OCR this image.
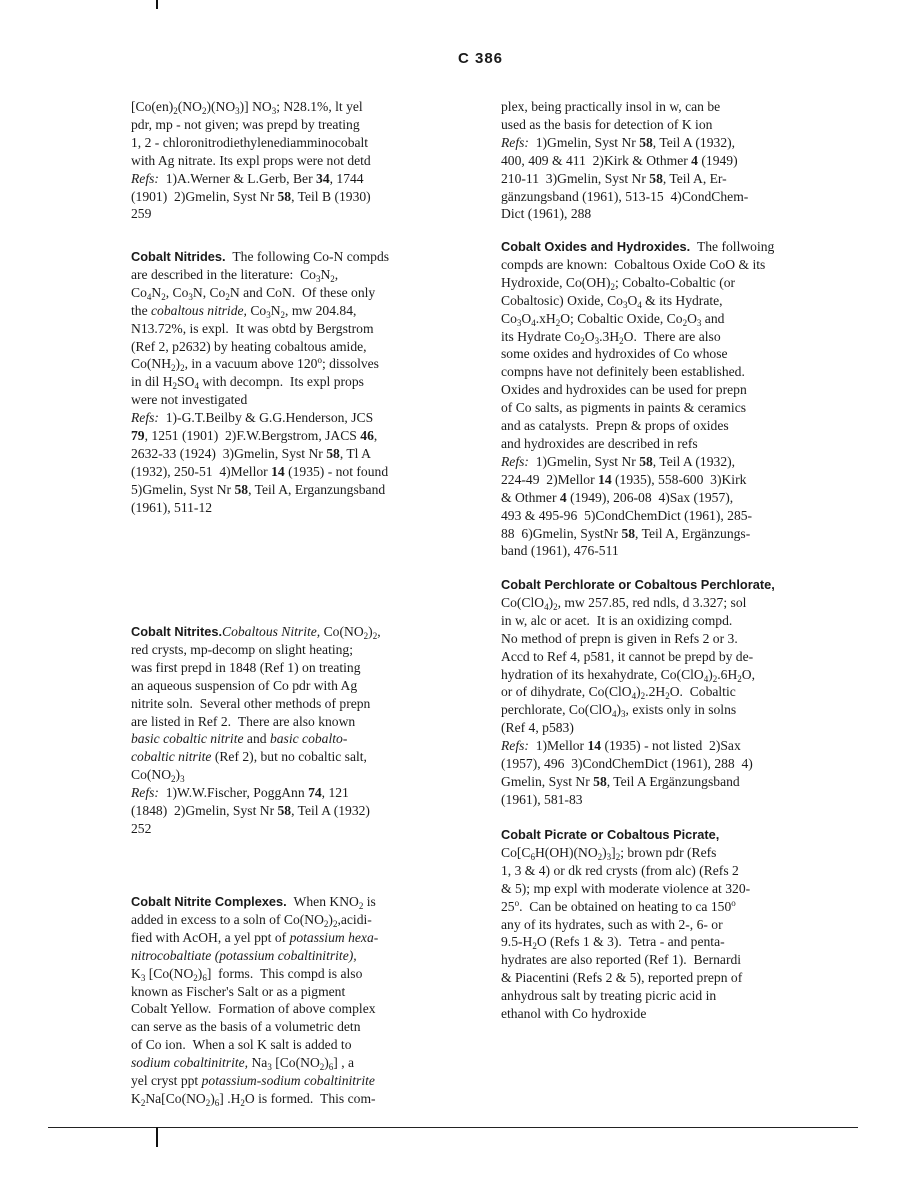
C 386

$[Co(en)_2(NO_2)(NO_3)]$ $NO_3$; N28.1%, lt yel

pdr, mp - not given; was prepd by treating

1, 2 - chloronitrodiethylenediamminocobalt

with Ag nitrate. Its expl props were not detd

Refs:  1)A.Werner & L.Gerb, Ber 34, 1744

(1901)  2)Gmelin, Syst Nr 58, Teil B (1930)

259

Cobalt Nitrides.  The following Co-N compds

are described in the literature:  $Co_3N_2$,

$Co_4N_2$, $Co_3N$, $Co_2N$ and CoN.  Of these only

the cobaltous nitride, $Co_3N_2$, mw 204.84,

N13.72%, is expl.  It was obtd by Bergstrom

(Ref 2, p2632) by heating cobaltous amide,

$Co(NH_2)_2$, in a vacuum above 120$^o$; dissolves

in dil $H_2SO_4$ with decompn.  Its expl props

were not investigated

Refs:  1)-G.T.Beilby & G.G.Henderson, JCS

79, 1251 (1901)  2)F.W.Bergstrom, JACS 46,

2632-33 (1924)  3)Gmelin, Syst Nr 58, Tl A

(1932), 250-51  4)Mellor 14 (1935) - not found

5)Gmelin, Syst Nr 58, Teil A, Erganzungsband

(1961), 511-12

Cobalt Nitrites.Cobaltous Nitrite, $Co(NO_2)_2$,

red crysts, mp-decomp on slight heating;

was first prepd in 1848 (Ref 1) on treating

an aqueous suspension of Co pdr with Ag

nitrite soln.  Several other methods of prepn

are listed in Ref 2.  There are also known

basic cobaltic nitrite and basic cobalto-

cobaltic nitrite (Ref 2), but no cobaltic salt,

$Co(NO_2)_3$

Refs:  1)W.W.Fischer, PoggAnn 74, 121

(1848)  2)Gmelin, Syst Nr 58, Teil A (1932)

252

Cobalt Nitrite Complexes.  When $KNO_2$ is

added in excess to a soln of $Co(NO_2)_2,acidi-$

fied with AcOH, a yel ppt of potassium hexa-

nitrocobaltiate (potassium cobaltinitrite),

$K_3$ $[Co(NO_2)_6]$  forms.  This compd is also

known as Fischer's Salt or as a pigment

Cobalt Yellow.  Formation of above complex

can serve as the basis of a volumetric detn

of Co ion.  When a sol K salt is added to

sodium cobaltinitrite, $Na_3$ $[Co(NO_2)_6]$ , a

yel cryst ppt potassium-sodium cobaltinitrite

$K_2Na[Co(NO_2)_6]$ $.H_2O$ is formed.  This com-

plex, being practically insol in w, can be

used as the basis for detection of K ion

Refs:  1)Gmelin, Syst Nr 58, Teil A (1932),

400, 409 & 411  2)Kirk & Othmer 4 (1949)

210-11  3)Gmelin, Syst Nr 58, Teil A, Er-

gänzungsband (1961), 513-15  4)CondChem-

Dict (1961), 288

Cobalt Oxides and Hydroxides.  The follwoing

compds are known:  Cobaltous Oxide CoO & its

Hydroxide, $Co(OH)_2$; Cobalto-Cobaltic (or

Cobaltosic) Oxide, $Co_3O_4$ & its Hydrate,

$Co_3O_4.xH_2O$; Cobaltic Oxide, $Co_2O_3$ and

its Hydrate $Co_2O_3.3H_2O$.  There are also

some oxides and hydroxides of Co whose

compns have not definitely been established.

Oxides and hydroxides can be used for prepn

of Co salts, as pigments in paints & ceramics

and as catalysts.  Prepn & props of oxides

and hydroxides are described in refs

Refs:  1)Gmelin, Syst Nr 58, Teil A (1932),

224-49  2)Mellor 14 (1935), 558-600  3)Kirk

& Othmer 4 (1949), 206-08  4)Sax (1957),

493 & 495-96  5)CondChemDict (1961), 285-

88  6)Gmelin, SystNr 58, Teil A, Ergänzungs-

band (1961), 476-511

Cobalt Perchlorate or Cobaltous Perchlorate,

$Co(ClO_4)_2$, mw 257.85, red ndls, d 3.327; sol

in w, alc or acet.  It is an oxidizing compd.

No method of prepn is given in Refs 2 or 3.

Accd to Ref 4, p581, it cannot be prepd by de-

hydration of its hexahydrate, $Co(ClO_4)_2.6H_2O$,

or of dihydrate, $Co(ClO_4)_2.2H_2O$.  Cobaltic

perchlorate, $Co(ClO_4)_3$, exists only in solns

(Ref 4, p583)

Refs:  1)Mellor 14 (1935) - not listed  2)Sax

(1957), 496  3)CondChemDict (1961), 288  4)

Gmelin, Syst Nr 58, Teil A Ergänzungsband

(1961), 581-83

Cobalt Picrate or Cobaltous Picrate,

$Co[C_6H(OH)(NO_2)_3]_2$; brown pdr (Refs

1, 3 & 4) or dk red crysts (from alc) (Refs 2

& 5); mp expl with moderate violence at 320-

25$^o$.  Can be obtained on heating to ca 150$^o$

any of its hydrates, such as with 2-, 6- or

$9.5-H_2O$ (Refs 1 & 3).  Tetra - and penta-

hydrates are also reported (Ref 1).  Bernardi

& Piacentini (Refs 2 & 5), reported prepn of

anhydrous salt by treating picric acid in

ethanol with Co hydroxide
